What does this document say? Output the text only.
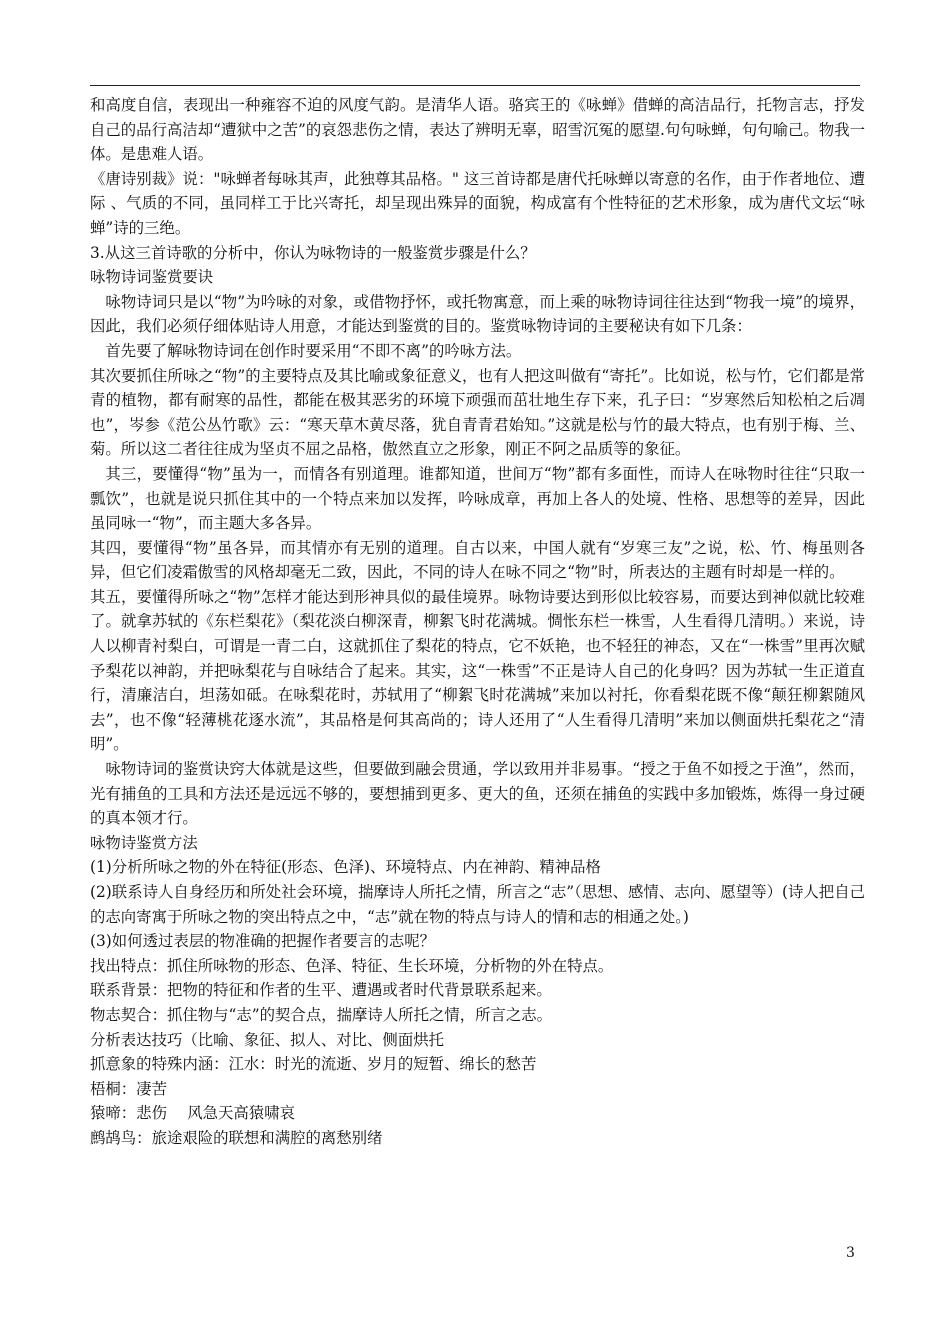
和高度自信，表现出一种雍容不迫的风度气韵。是清华人语。骆宾王的《咏蝉》借蝉的高洁品行，托物言志，抒发自己的品行高洁却“遭狱中之苦”的哀怨悲伤之情，表达了辨明无辜，昭雪沉冤的愿望.句句咏蝉，句句喻己。物我一体。是患难人语。

《唐诗别裁》说："咏蝉者每咏其声，此独尊其品格。" 这三首诗都是唐代托咏蝉以寄意的名作，由于作者地位、遭际 、气质的不同，虽同样工于比兴寄托，却呈现出殊异的面貌，构成富有个性特征的艺术形象，成为唐代文坛“咏蝉”诗的三绝。

3.从这三首诗歌的分析中，你认为咏物诗的一般鉴赏步骤是什么？

咏物诗词鉴赏要诀

咏物诗词只是以“物”为吟咏的对象，或借物抒怀，或托物寓意，而上乘的咏物诗词往往达到“物我一境”的境界，因此，我们必须仔细体贴诗人用意，才能达到鉴赏的目的。鉴赏咏物诗词的主要秘诀有如下几条：

首先要了解咏物诗词在创作时要采用“不即不离”的吟咏方法。

其次要抓住所咏之“物”的主要特点及其比喻或象征意义，也有人把这叫做有“寄托”。比如说，松与竹，它们都是常青的植物，都有耐寒的品性，都能在极其恶劣的环境下顽强而茁壮地生存下来，孔子曰：“岁寒然后知松柏之后凋也”，岑参《范公丛竹歌》云：“寒天草木黄尽落，犹自青青君始知。”这就是松与竹的最大特点，也有别于梅、兰、菊。所以这二者往往成为坚贞不屈之品格，傲然直立之形象，刚正不阿之品质等的象征。

其三，要懂得“物”虽为一，而情各有别道理。谁都知道，世间万“物”都有多面性，而诗人在咏物时往往“只取一瓢饮”，也就是说只抓住其中的一个特点来加以发挥，吟咏成章，再加上各人的处境、性格、思想等的差异，因此虽同咏一“物”，而主题大多各异。

其四，要懂得“物”虽各异，而其情亦有无别的道理。自古以来，中国人就有“岁寒三友”之说，松、竹、梅虽则各异，但它们凌霜傲雪的风格却毫无二致，因此，不同的诗人在咏不同之“物”时，所表达的主题有时却是一样的。

其五，要懂得所咏之“物”怎样才能达到形神具似的最佳境界。咏物诗要达到形似比较容易，而要达到神似就比较难了。就拿苏轼的《东栏梨花》（梨花淡白柳深青，柳絮飞时花满城。惆怅东栏一株雪，人生看得几清明。）来说，诗人以柳青衬梨白，可谓是一青二白，这就抓住了梨花的特点，它不妖艳，也不轻狂的神态，又在“一株雪”里再次赋予梨花以神韵，并把咏梨花与自咏结合了起来。其实，这“一株雪”不正是诗人自己的化身吗？因为苏轼一生正道直行，清廉洁白，坦荡如砥。在咏梨花时，苏轼用了“柳絮飞时花满城”来加以衬托，你看梨花既不像“颠狂柳絮随风去”，也不像“轻薄桃花逐水流”，其品格是何其高尚的；诗人还用了“人生看得几清明”来加以侧面烘托梨花之“清明”。

咏物诗词的鉴赏诀窍大体就是这些，但要做到融会贯通，学以致用并非易事。“授之于鱼不如授之于渔”，然而，光有捕鱼的工具和方法还是远远不够的，要想捕到更多、更大的鱼，还须在捕鱼的实践中多加锻炼，炼得一身过硬的真本领才行。

咏物诗鉴赏方法

(1)分析所咏之物的外在特征(形态、色泽)、环境特点、内在神韵、精神品格

(2)联系诗人自身经历和所处社会环境，揣摩诗人所托之情，所言之“志”（思想、感情、志向、愿望等）(诗人把自己的志向寄寓于所咏之物的突出特点之中，“志”就在物的特点与诗人的情和志的相通之处。)

(3)如何透过表层的物准确的把握作者要言的志呢？

找出特点：抓住所咏物的形态、色泽、特征、生长环境，分析物的外在特点。

联系背景：把物的特征和作者的生平、遭遇或者时代背景联系起来。

物志契合：抓住物与“志”的契合点，揣摩诗人所托之情，所言之志。

分析表达技巧（比喻、象征、拟人、对比、侧面烘托

抓意象的特殊内涵：江水：时光的流逝、岁月的短暂、绵长的愁苦

梧桐：凄苦

猿啼：悲伤　 风急天高猿啸哀

鹧鸪鸟：旅途艰险的联想和满腔的离愁别绪

3
